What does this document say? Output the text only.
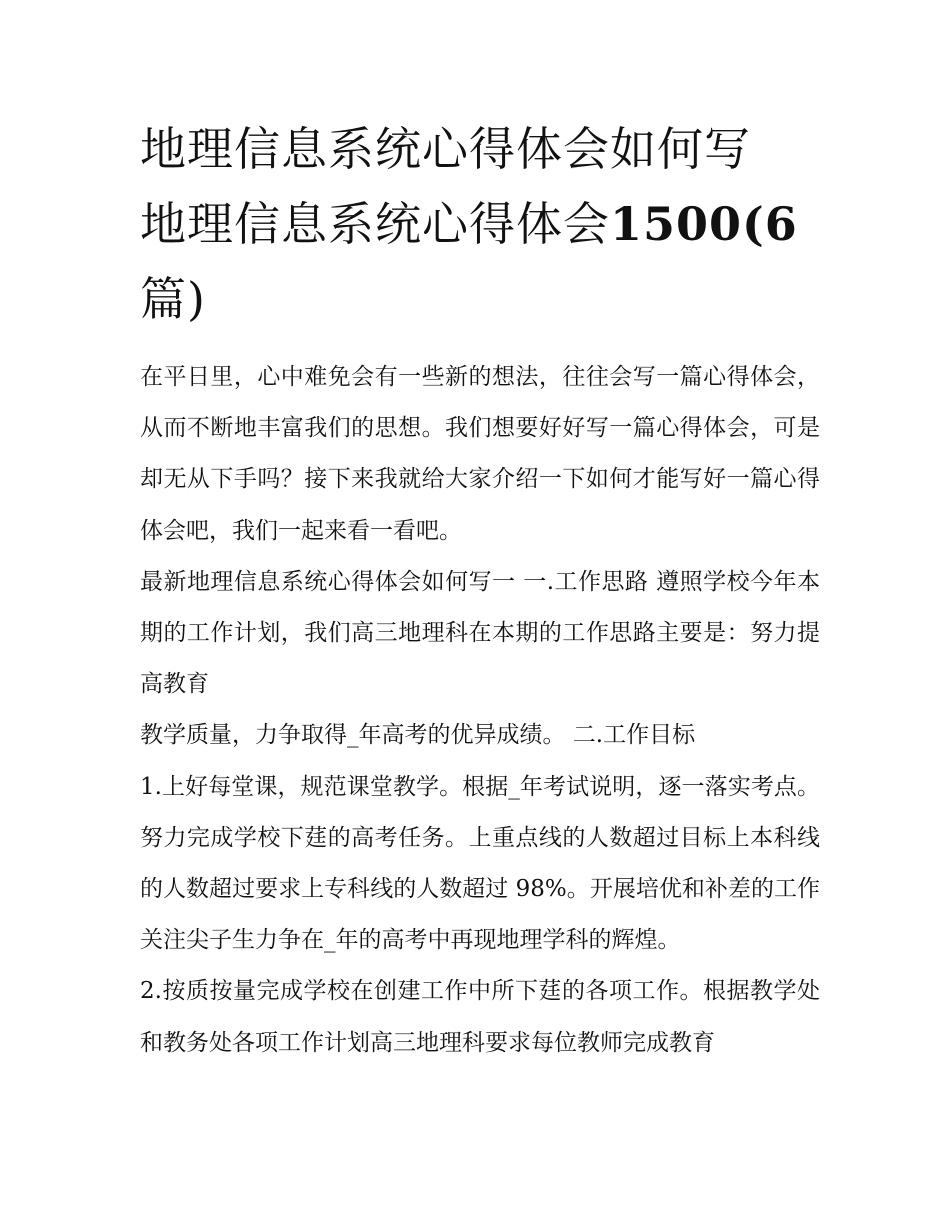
地理信息系统心得体会如何写
地理信息系统心得体会1500(6
篇)

在平日里，心中难免会有一些新的想法，往往会写一篇心得体会，从而不断地丰富我们的思想。我们想要好好写一篇心得体会，可是却无从下手吗？接下来我就给大家介绍一下如何才能写好一篇心得体会吧，我们一起来看一看吧。

最新地理信息系统心得体会如何写一 一.工作思路 遵照学校今年本期的工作计划，我们高三地理科在本期的工作思路主要是：努力提高教育

教学质量，力争取得_年高考的优异成绩。 二.工作目标

1.上好每堂课，规范课堂教学。根据_年考试说明，逐一落实考点。努力完成学校下莛的高考任务。上重点线的人数超过目标上本科线的人数超过要求上专科线的人数超过 98%。开展培优和补差的工作关注尖子生力争在_年的高考中再现地理学科的辉煌。

2.按质按量完成学校在创建工作中所下莛的各项工作。根据教学处和教务处各项工作计划高三地理科要求每位教师完成教育
